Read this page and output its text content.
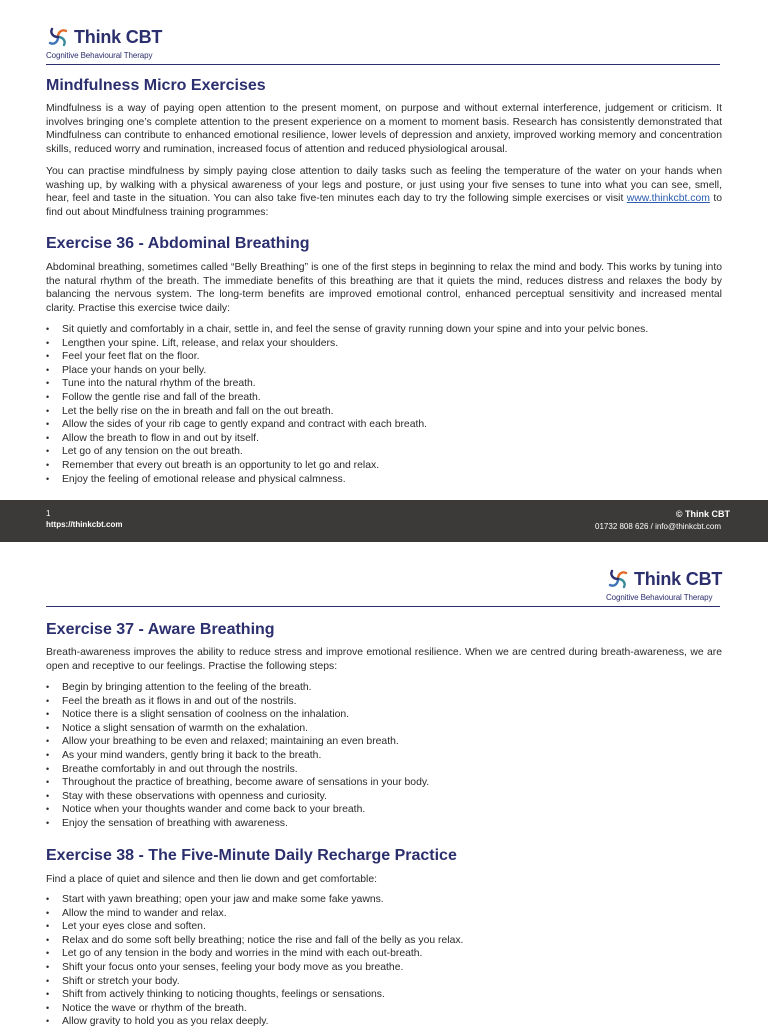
Think CBT
Cognitive Behavioural Therapy
Mindfulness Micro Exercises

Mindfulness is a way of paying open attention to the present moment, on purpose and without external interference, judgement or criticism. It involves bringing one’s complete attention to the present experience on a moment to moment basis. Research has consistently demonstrated that Mindfulness can contribute to enhanced emotional resilience, lower levels of depression and anxiety, improved working memory and concentration skills, reduced worry and rumination, increased focus of attention and reduced physiological arousal.

You can practise mindfulness by simply paying close attention to daily tasks such as feeling the temperature of the water on your hands when washing up, by walking with a physical awareness of your legs and posture, or just using your five senses to tune into what you can see, smell, hear, feel and taste in the situation. You can also take five-ten minutes each day to try the following simple exercises or visit www.thinkcbt.com to find out about Mindfulness training programmes:

Exercise 36 - Abdominal Breathing

Abdominal breathing, sometimes called “Belly Breathing” is one of the first steps in beginning to relax the mind and body. This works by tuning into the natural rhythm of the breath. The immediate benefits of this breathing are that it quiets the mind, reduces distress and relaxes the body by balancing the nervous system. The long-term benefits are improved emotional control, enhanced perceptual sensitivity and increased mental clarity. Practise this exercise twice daily:

• Sit quietly and comfortably in a chair, settle in, and feel the sense of gravity running down your spine and into your pelvic bones.
• Lengthen your spine. Lift, release, and relax your shoulders.
• Feel your feet flat on the floor.
• Place your hands on your belly.
• Tune into the natural rhythm of the breath.
• Follow the gentle rise and fall of the breath.
• Let the belly rise on the in breath and fall on the out breath.
• Allow the sides of your rib cage to gently expand and contract with each breath.
• Allow the breath to flow in and out by itself.
• Let go of any tension on the out breath.
• Remember that every out breath is an opportunity to let go and relax.
• Enjoy the feeling of emotional release and physical calmness.
1
https://thinkcbt.com
© Think CBT
01732 808 626 / info@thinkcbt.com
Think CBT
Cognitive Behavioural Therapy
Exercise 37 - Aware Breathing

Breath-awareness improves the ability to reduce stress and improve emotional resilience. When we are centred during breath-awareness, we are open and receptive to our feelings. Practise the following steps:

• Begin by bringing attention to the feeling of the breath.
• Feel the breath as it flows in and out of the nostrils.
• Notice there is a slight sensation of coolness on the inhalation.
• Notice a slight sensation of warmth on the exhalation.
• Allow your breathing to be even and relaxed; maintaining an even breath.
• As your mind wanders, gently bring it back to the breath.
• Breathe comfortably in and out through the nostrils.
• Throughout the practice of breathing, become aware of sensations in your body.
• Stay with these observations with openness and curiosity.
• Notice when your thoughts wander and come back to your breath.
• Enjoy the sensation of breathing with awareness.
Exercise 38 - The Five-Minute Daily Recharge Practice

Find a place of quiet and silence and then lie down and get comfortable:

• Start with yawn breathing; open your jaw and make some fake yawns.
• Allow the mind to wander and relax.
• Let your eyes close and soften.
• Relax and do some soft belly breathing; notice the rise and fall of the belly as you relax.
• Let go of any tension in the body and worries in the mind with each out-breath.
• Shift your focus onto your senses, feeling your body move as you breathe.
• Shift or stretch your body.
• Shift from actively thinking to noticing thoughts, feelings or sensations.
• Notice the wave or rhythm of the breath.
• Allow gravity to hold you as you relax deeply.
